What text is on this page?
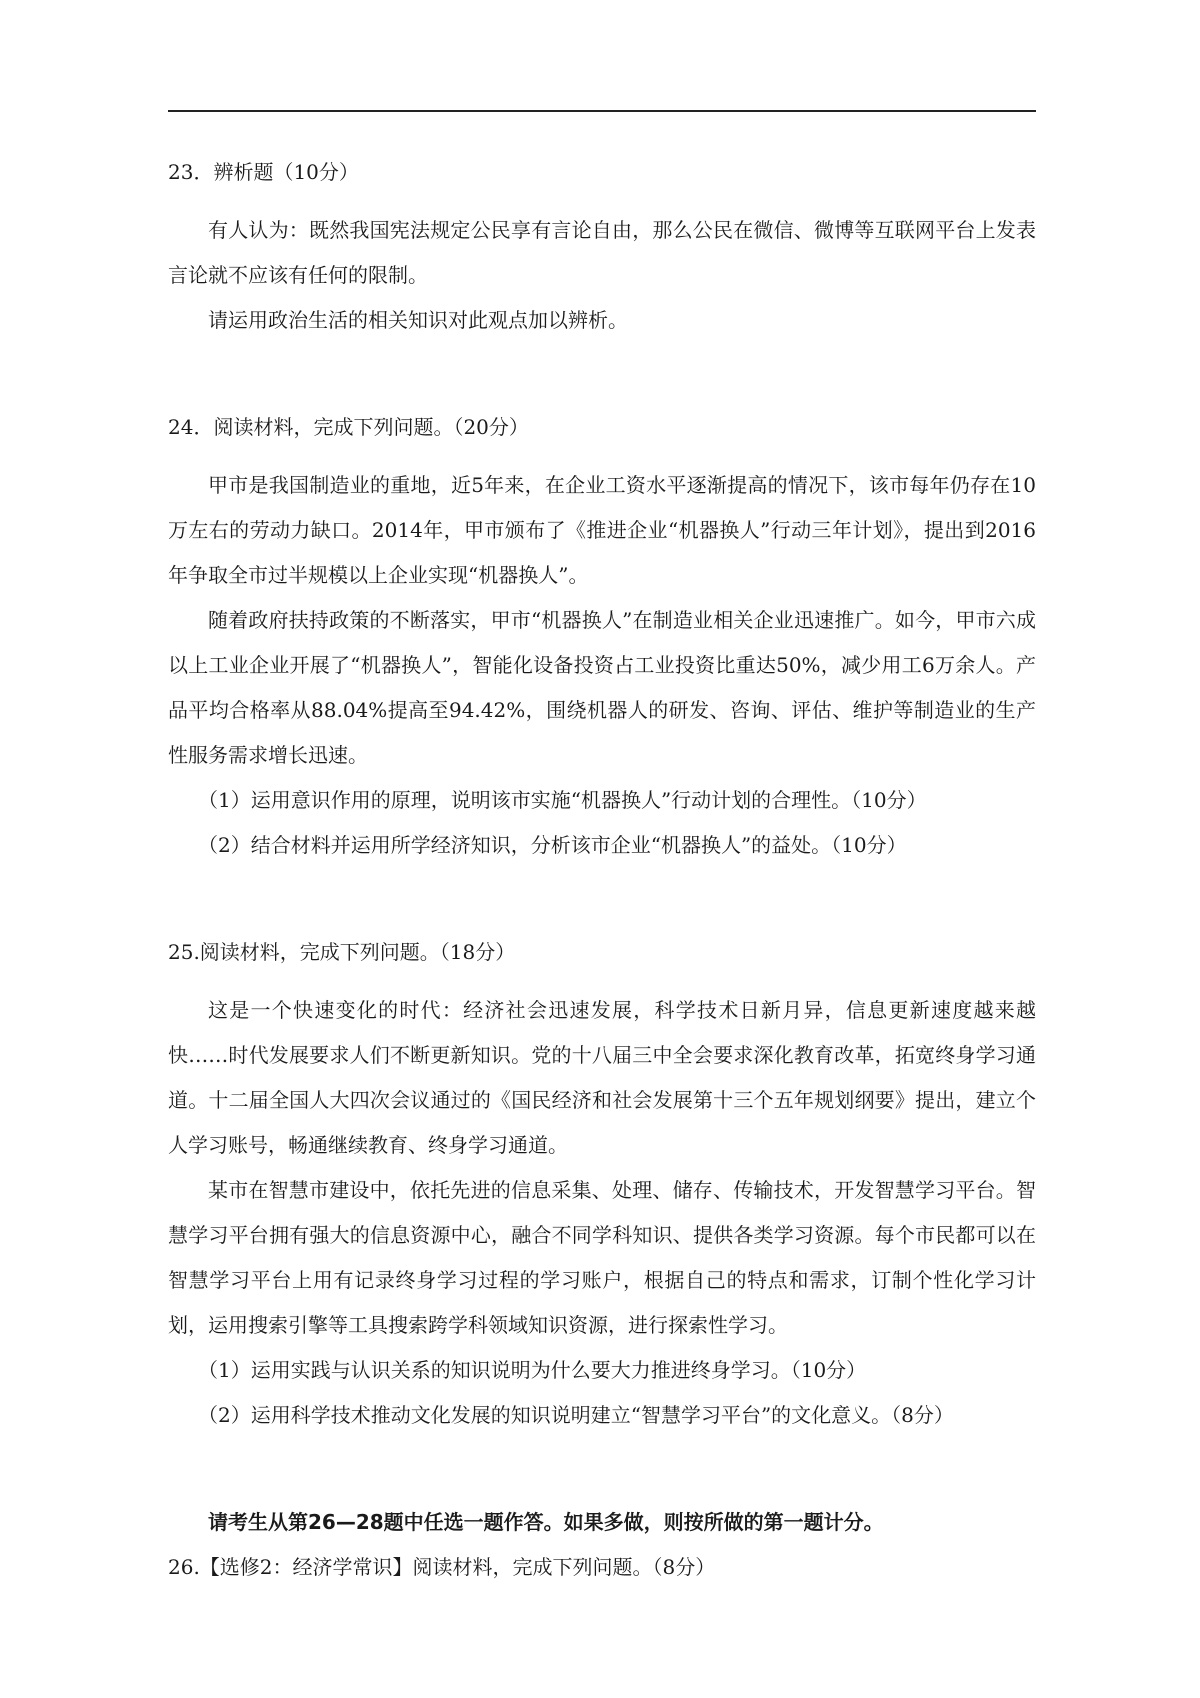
23．辨析题（10分）

有人认为：既然我国宪法规定公民享有言论自由，那么公民在微信、微博等互联网平台上发表言论就不应该有任何的限制。

请运用政治生活的相关知识对此观点加以辨析。

24．阅读材料，完成下列问题。（20分）

甲市是我国制造业的重地，近5年来，在企业工资水平逐渐提高的情况下，该市每年仍存在10万左右的劳动力缺口。2014年，甲市颁布了《推进企业“机器换人”行动三年计划》，提出到2016年争取全市过半规模以上企业实现“机器换人”。

随着政府扶持政策的不断落实，甲市“机器换人”在制造业相关企业迅速推广。如今，甲市六成以上工业企业开展了“机器换人”，智能化设备投资占工业投资比重达50%，减少用工6万余人。产品平均合格率从88.04%提高至94.42%，围绕机器人的研发、咨询、评估、维护等制造业的生产性服务需求增长迅速。

（1）运用意识作用的原理，说明该市实施“机器换人”行动计划的合理性。（10分）

（2）结合材料并运用所学经济知识，分析该市企业“机器换人”的益处。（10分）

25.阅读材料，完成下列问题。（18分）

这是一个快速变化的时代：经济社会迅速发展，科学技术日新月异，信息更新速度越来越快……时代发展要求人们不断更新知识。党的十八届三中全会要求深化教育改革，拓宽终身学习通道。十二届全国人大四次会议通过的《国民经济和社会发展第十三个五年规划纲要》提出，建立个人学习账号，畅通继续教育、终身学习通道。

某市在智慧市建设中，依托先进的信息采集、处理、储存、传输技术，开发智慧学习平台。智慧学习平台拥有强大的信息资源中心，融合不同学科知识、提供各类学习资源。每个市民都可以在智慧学习平台上用有记录终身学习过程的学习账户，根据自己的特点和需求，订制个性化学习计划，运用搜索引擎等工具搜索跨学科领域知识资源，进行探索性学习。

（1）运用实践与认识关系的知识说明为什么要大力推进终身学习。（10分）

（2）运用科学技术推动文化发展的知识说明建立“智慧学习平台”的文化意义。（8分）

请考生从第26—28题中任选一题作答。如果多做，则按所做的第一题计分。

26.【选修2：经济学常识】阅读材料，完成下列问题。（8分）
